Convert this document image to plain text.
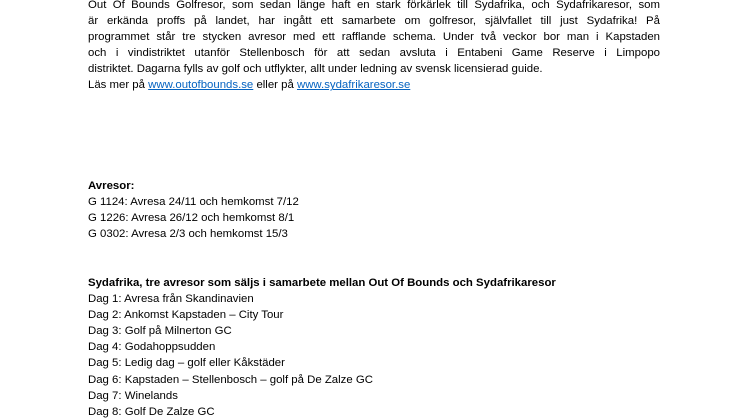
Out Of Bounds Golfresor, som sedan länge haft en stark förkärlek till Sydafrika, och Sydafrikaresor, som
är erkända proffs på landet, har ingått ett samarbete om golfresor, självfallet till just Sydafrika! På
programmet står tre stycken avresor med ett rafflande schema. Under två veckor bor man i Kapstaden
och i vindistriktet utanför Stellenbosch för att sedan avsluta i Entabeni Game Reserve i Limpopo
distriktet. Dagarna fylls av golf och utflykter, allt under ledning av svensk licensierad guide.
Läs mer på www.outofbounds.se eller på www.sydafrikaresor.se
Avresor:
G 1124: Avresa 24/11 och hemkomst 7/12
G 1226: Avresa 26/12 och hemkomst 8/1
G 0302: Avresa 2/3 och hemkomst 15/3
Sydafrika, tre avresor som säljs i samarbete mellan Out Of Bounds och Sydafrikaresor
Dag 1: Avresa från Skandinavien
Dag 2: Ankomst Kapstaden – City Tour
Dag 3: Golf på Milnerton GC
Dag 4: Godahoppsudden
Dag 5: Ledig dag – golf eller Kåkstäder
Dag 6: Kapstaden – Stellenbosch – golf på De Zalze GC
Dag 7: Winelands
Dag 8: Golf De Zalze GC
